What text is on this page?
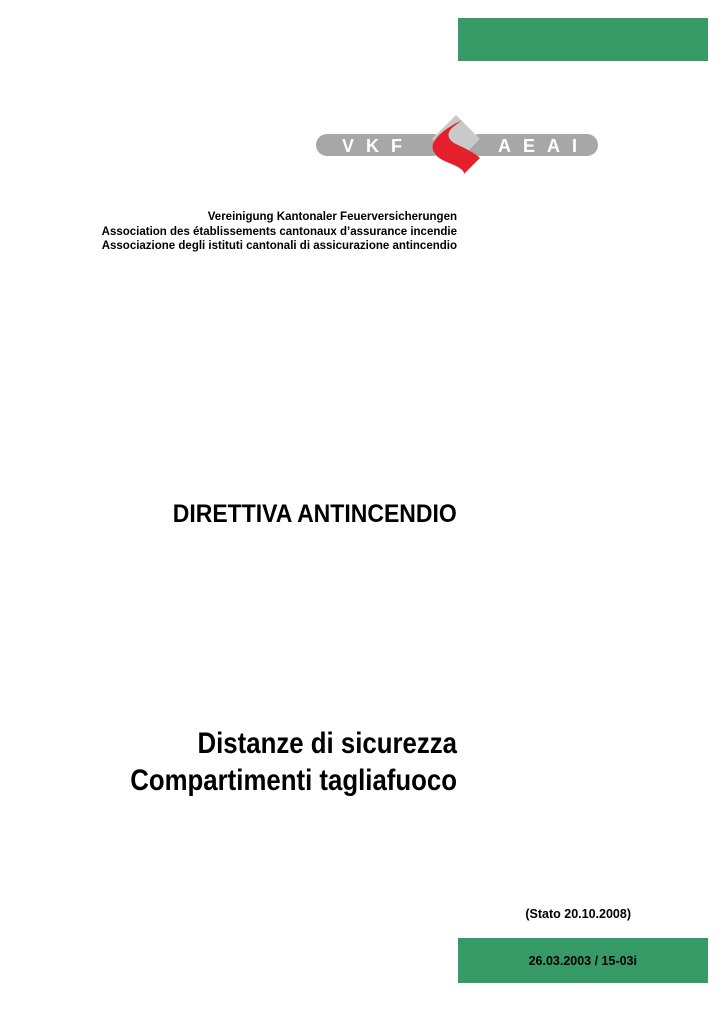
VKF	AEAI
Vereinigung Kantonaler Feuerversicherungen
Association des établissements cantonaux d’assurance incendie
Associazione degli istituti cantonali di assicurazione antincendio
DIRETTIVA ANTINCENDIO
Distanze di sicurezza
Compartimenti tagliafuoco
(Stato 20.10.2008)
26.03.2003 / 15-03i
